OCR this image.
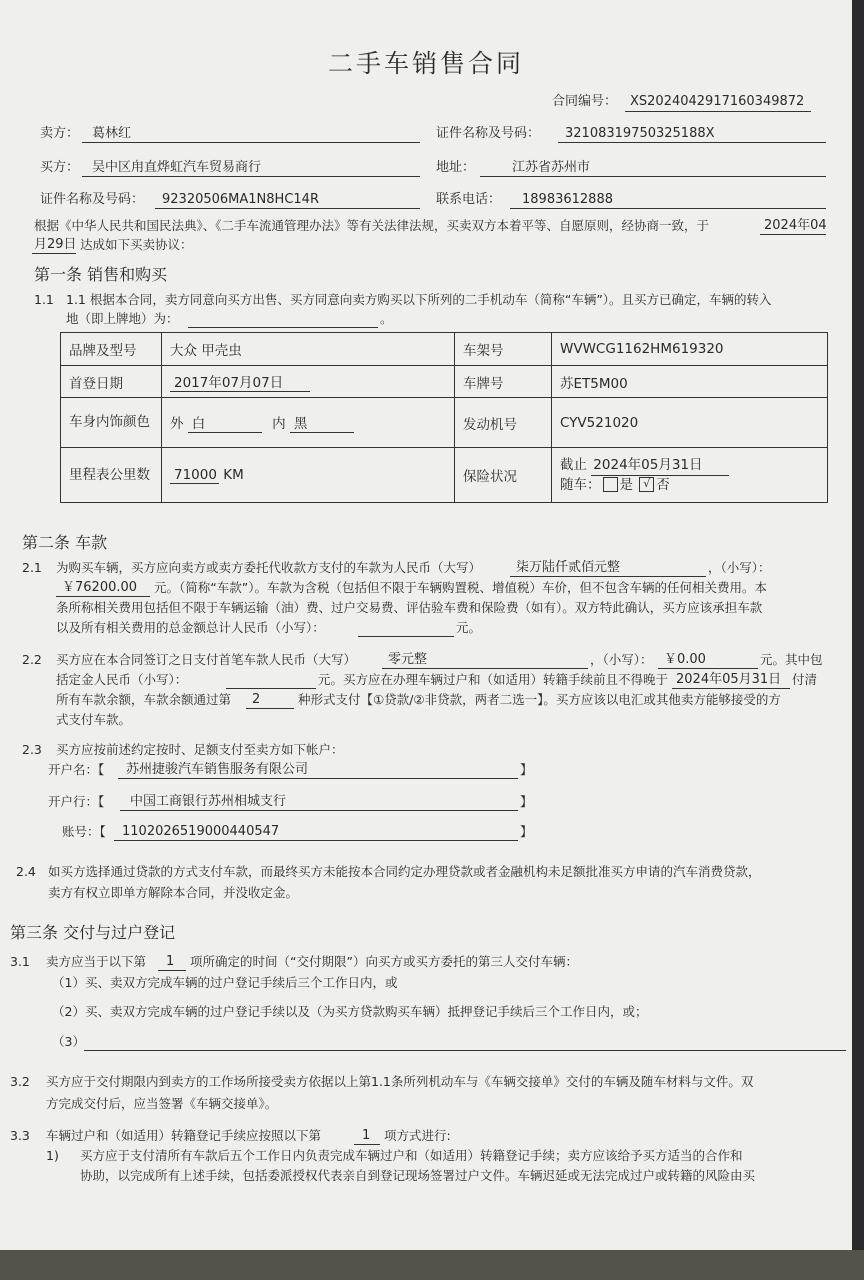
二手车销售合同
合同编号： XS20240429171603498​72
卖方： 葛林红	证件名称及号码： 32108319750325188X
买方： 吴中区甪直烨虹汽车贸易商行	地址：	江苏省苏州市
证件名称及号码： 92320506MA1N8HC14R	联系电话： 18983612888
根据《中华人民共和国民法典》、《二手车流通管理办法》等有关法律法规，买卖双方本着平等、自愿原则，经协商一致，于	2024年04
月29日 达成如下买卖协议：
第一条 销售和购买
1.1 1.1 根据本合同，卖方同意向买方出售、买方同意向卖方购买以下所列的二手机动车（简称“车辆”）。且买方已确定，车辆的转入
地（即上牌地）为：	。
品牌及型号	大众 甲壳虫	车架号	WVWCG1162HM619320
首登日期	2017年07月07日	车牌号	苏ET5M00
车身内饰颜色	外 白 内 黑	发动机号	CYV521020
里程表公里数	71000 KM	保险状况	截止 2024年05月31日
随车： 是 √ 否
第二条 车款
2.1 为购买车辆，买方应向卖方或卖方委托代收款方支付的车款为人民币（大写）	柒万陆仟贰佰元整	，（小写）：
￥76200.00 元。（简称“车款”）。车款为含税（包括但不限于车辆购置税、增值税）车价，但不包含车辆的任何相关费用。本
条所称相关费用包括但不限于车辆运输（油）费、过户交易费、评估验车费和保险费（如有）。双方特此确认，买方应该承担车款
以及所有相关费用的总金额总计人民币（小写）：	元。
2.2 买方应在本合同签订之日支付首笔车款人民币（大写） 零元整	，（小写）： ￥0.00	元。其中包
括定金人民币（小写）：	元。买方应在办理车辆过户和（如适用）转籍手续前且不得晚于 2024年05月31日 付清
所有车款余额，车款余额通过第 2	种形式支付【①贷款/②非贷款，两者二选一】。买方应该以电汇或其他卖方能够接受的方
式支付车款。
2.3 买方应按前述约定按时、足额支付至卖方如下帐户：
开户名：【 苏州捷骏汽车销售服务有限公司	】
开户行：【 中国工商银行苏州相城支行	】
账号：【 1102026519000440547	】
2.4 如买方选择通过贷款的方式支付车款，而最终买方未能按本合同约定办理贷款或者金融机构未足额批准买方申请的汽车消费贷款，
卖方有权立即单方解除本合同，并没收定金。
第三条 交付与过户登记
3.1 卖方应当于以下第 1 项所确定的时间（“交付期限”）向买方或买方委托的第三人交付车辆：
（1）买、卖双方完成车辆的过户登记手续后三个工作日内，或
（2）买、卖双方完成车辆的过户登记手续以及（为买方贷款购买车辆）抵押登记手续后三个工作日内，或；
（3）
3.2 买方应于交付期限内到卖方的工作场所接受卖方依据以上第1.1条所列机动车与《车辆交接单》交付的车辆及随车材料与文件。双
方完成交付后，应当签署《车辆交接单》。
3.3 车辆过户和（如适用）转籍登记手续应按照以下第	1 项方式进行:
1) 买方应于支付清所有车款后五个工作日内负责完成车辆过户和（如适用）转籍登记手续；卖方应该给予买方适当的合作和
协助，以完成所有上述手续，包括委派授权代表亲自到登记现场签署过户文件。车辆迟延或无法完成过户或转籍的风险由买
